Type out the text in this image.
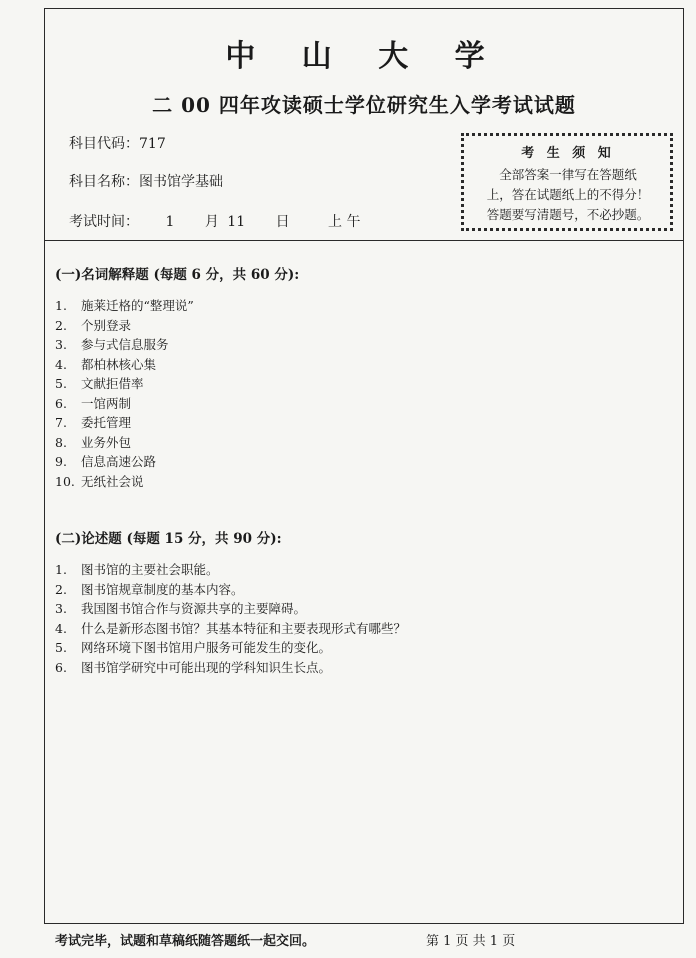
中 山 大 学
二 00 四年攻读硕士学位研究生入学考试试题
科目代码：717
科目名称：图书馆学基础
考试时间： 1 月 11 日	上 午
考 生 须 知
全部答案一律写在答题纸
上，答在试题纸上的不得分！
答题要写清题号，不必抄题。
(一)名词解释题 (每题 6 分，共 60 分):
1. 施莱迁格的“整理说”
2. 个别登录
3. 参与式信息服务
4. 都柏林核心集
5. 文献拒借率
6. 一馆两制
7. 委托管理
8. 业务外包
9. 信息高速公路
10. 无纸社会说
(二)论述题 (每题 15 分，共 90 分):
1. 图书馆的主要社会职能。
2. 图书馆规章制度的基本内容。
3. 我国图书馆合作与资源共享的主要障碍。
4. 什么是新形态图书馆？其基本特征和主要表现形式有哪些？
5. 网络环境下图书馆用户服务可能发生的变化。
6. 图书馆学研究中可能出现的学科知识生长点。
考试完毕，试题和草稿纸随答题纸一起交回。	第 1 页 共 1 页
